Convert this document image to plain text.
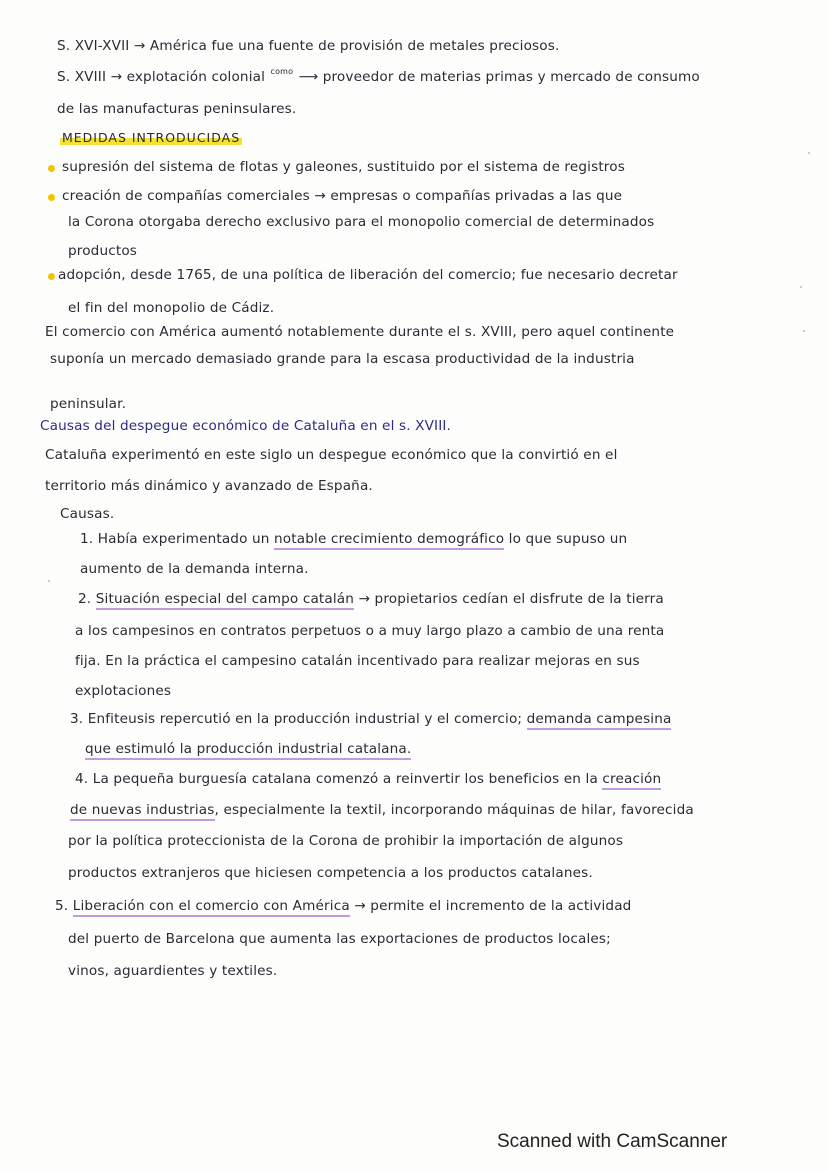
S. XVI-XVII → América fue una fuente de provisión de metales preciosos.
S. XVIII → explotación colonial $^{como}$ ⟶ proveedor de materias primas y mercado de consumo
de las manufacturas peninsulares.
MEDIDAS INTRODUCIDAS
supresión del sistema de flotas y galeones, sustituido por el sistema de registros
creación de compañías comerciales → empresas o compañías privadas a las que
la Corona otorgaba derecho exclusivo para el monopolio comercial de determinados
productos
adopción, desde 1765, de una política de liberación del comercio; fue necesario decretar
el fin del monopolio de Cádiz.
El comercio con América aumentó notablemente durante el s. XVIII, pero aquel continente
suponía un mercado demasiado grande para la escasa productividad de la industria
peninsular.
Causas del despegue económico de Cataluña en el s. XVIII.
Cataluña experimentó en este siglo un despegue económico que la convirtió en el
territorio más dinámico y avanzado de España.
Causas.
1. Había experimentado un notable crecimiento demográfico lo que supuso un
aumento de la demanda interna.
2. Situación especial del campo catalán → propietarios cedían el disfrute de la tierra
a los campesinos en contratos perpetuos o a muy largo plazo a cambio de una renta
fija. En la práctica el campesino catalán incentivado para realizar mejoras en sus
explotaciones
3. Enfiteusis repercutió en la producción industrial y el comercio; demanda campesina
que estimuló la producción industrial catalana.
4. La pequeña burguesía catalana comenzó a reinvertir los beneficios en la creación
de nuevas industrias, especialmente la textil, incorporando máquinas de hilar, favorecida
por la política proteccionista de la Corona de prohibir la importación de algunos
productos extranjeros que hiciesen competencia a los productos catalanes.
5. Liberación con el comercio con América → permite el incremento de la actividad
del puerto de Barcelona que aumenta las exportaciones de productos locales;
vinos, aguardientes y textiles.
Scanned with CamScanner
